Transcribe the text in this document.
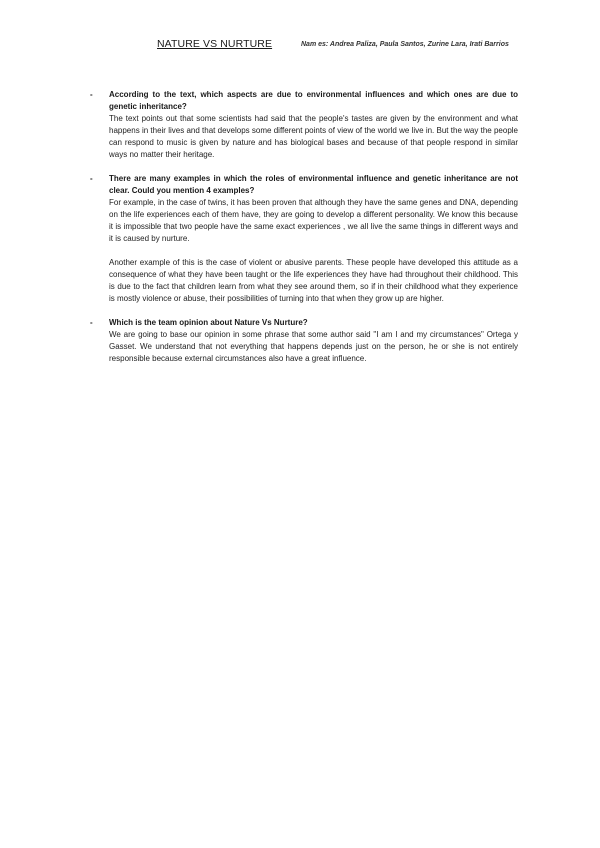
NATURE VS NURTURE	Nam es: Andrea Paliza, Paula Santos, Zurine Lara, Irati Barrios
- According to the text, which aspects are due to environmental influences and which ones are due to genetic inheritance?

The text points out that some scientists had said that the people's tastes are given by the environment and what happens in their lives and that develops some different points of view of the world we live in. But the way the people can respond to music is given by nature and has biological bases and because of that people respond in similar ways no matter their heritage.

- There are many examples in which the roles of environmental influence and genetic inheritance are not clear. Could you mention 4 examples?

For example, in the case of twins, it has been proven that although they have the same genes and DNA, depending on the life experiences each of them have, they are going to develop a different personality. We know this because it is impossible that two people have the same exact experiences , we all live the same things in different ways and it is caused by nurture.

Another example of this is the case of violent or abusive parents. These people have developed this attitude as a consequence of what they have been taught or the life experiences they have had throughout their childhood. This is due to the fact that children learn from what they see around them, so if in their childhood what they experience is mostly violence or abuse, their possibilities of turning into that when they grow up are higher.

- Which is the team opinion about Nature Vs Nurture?

We are going to base our opinion in some phrase that some author said "I am I and my circumstances" Ortega y Gasset. We understand that not everything that happens depends just on the person, he or she is not entirely responsible because external circumstances also have a great influence.
